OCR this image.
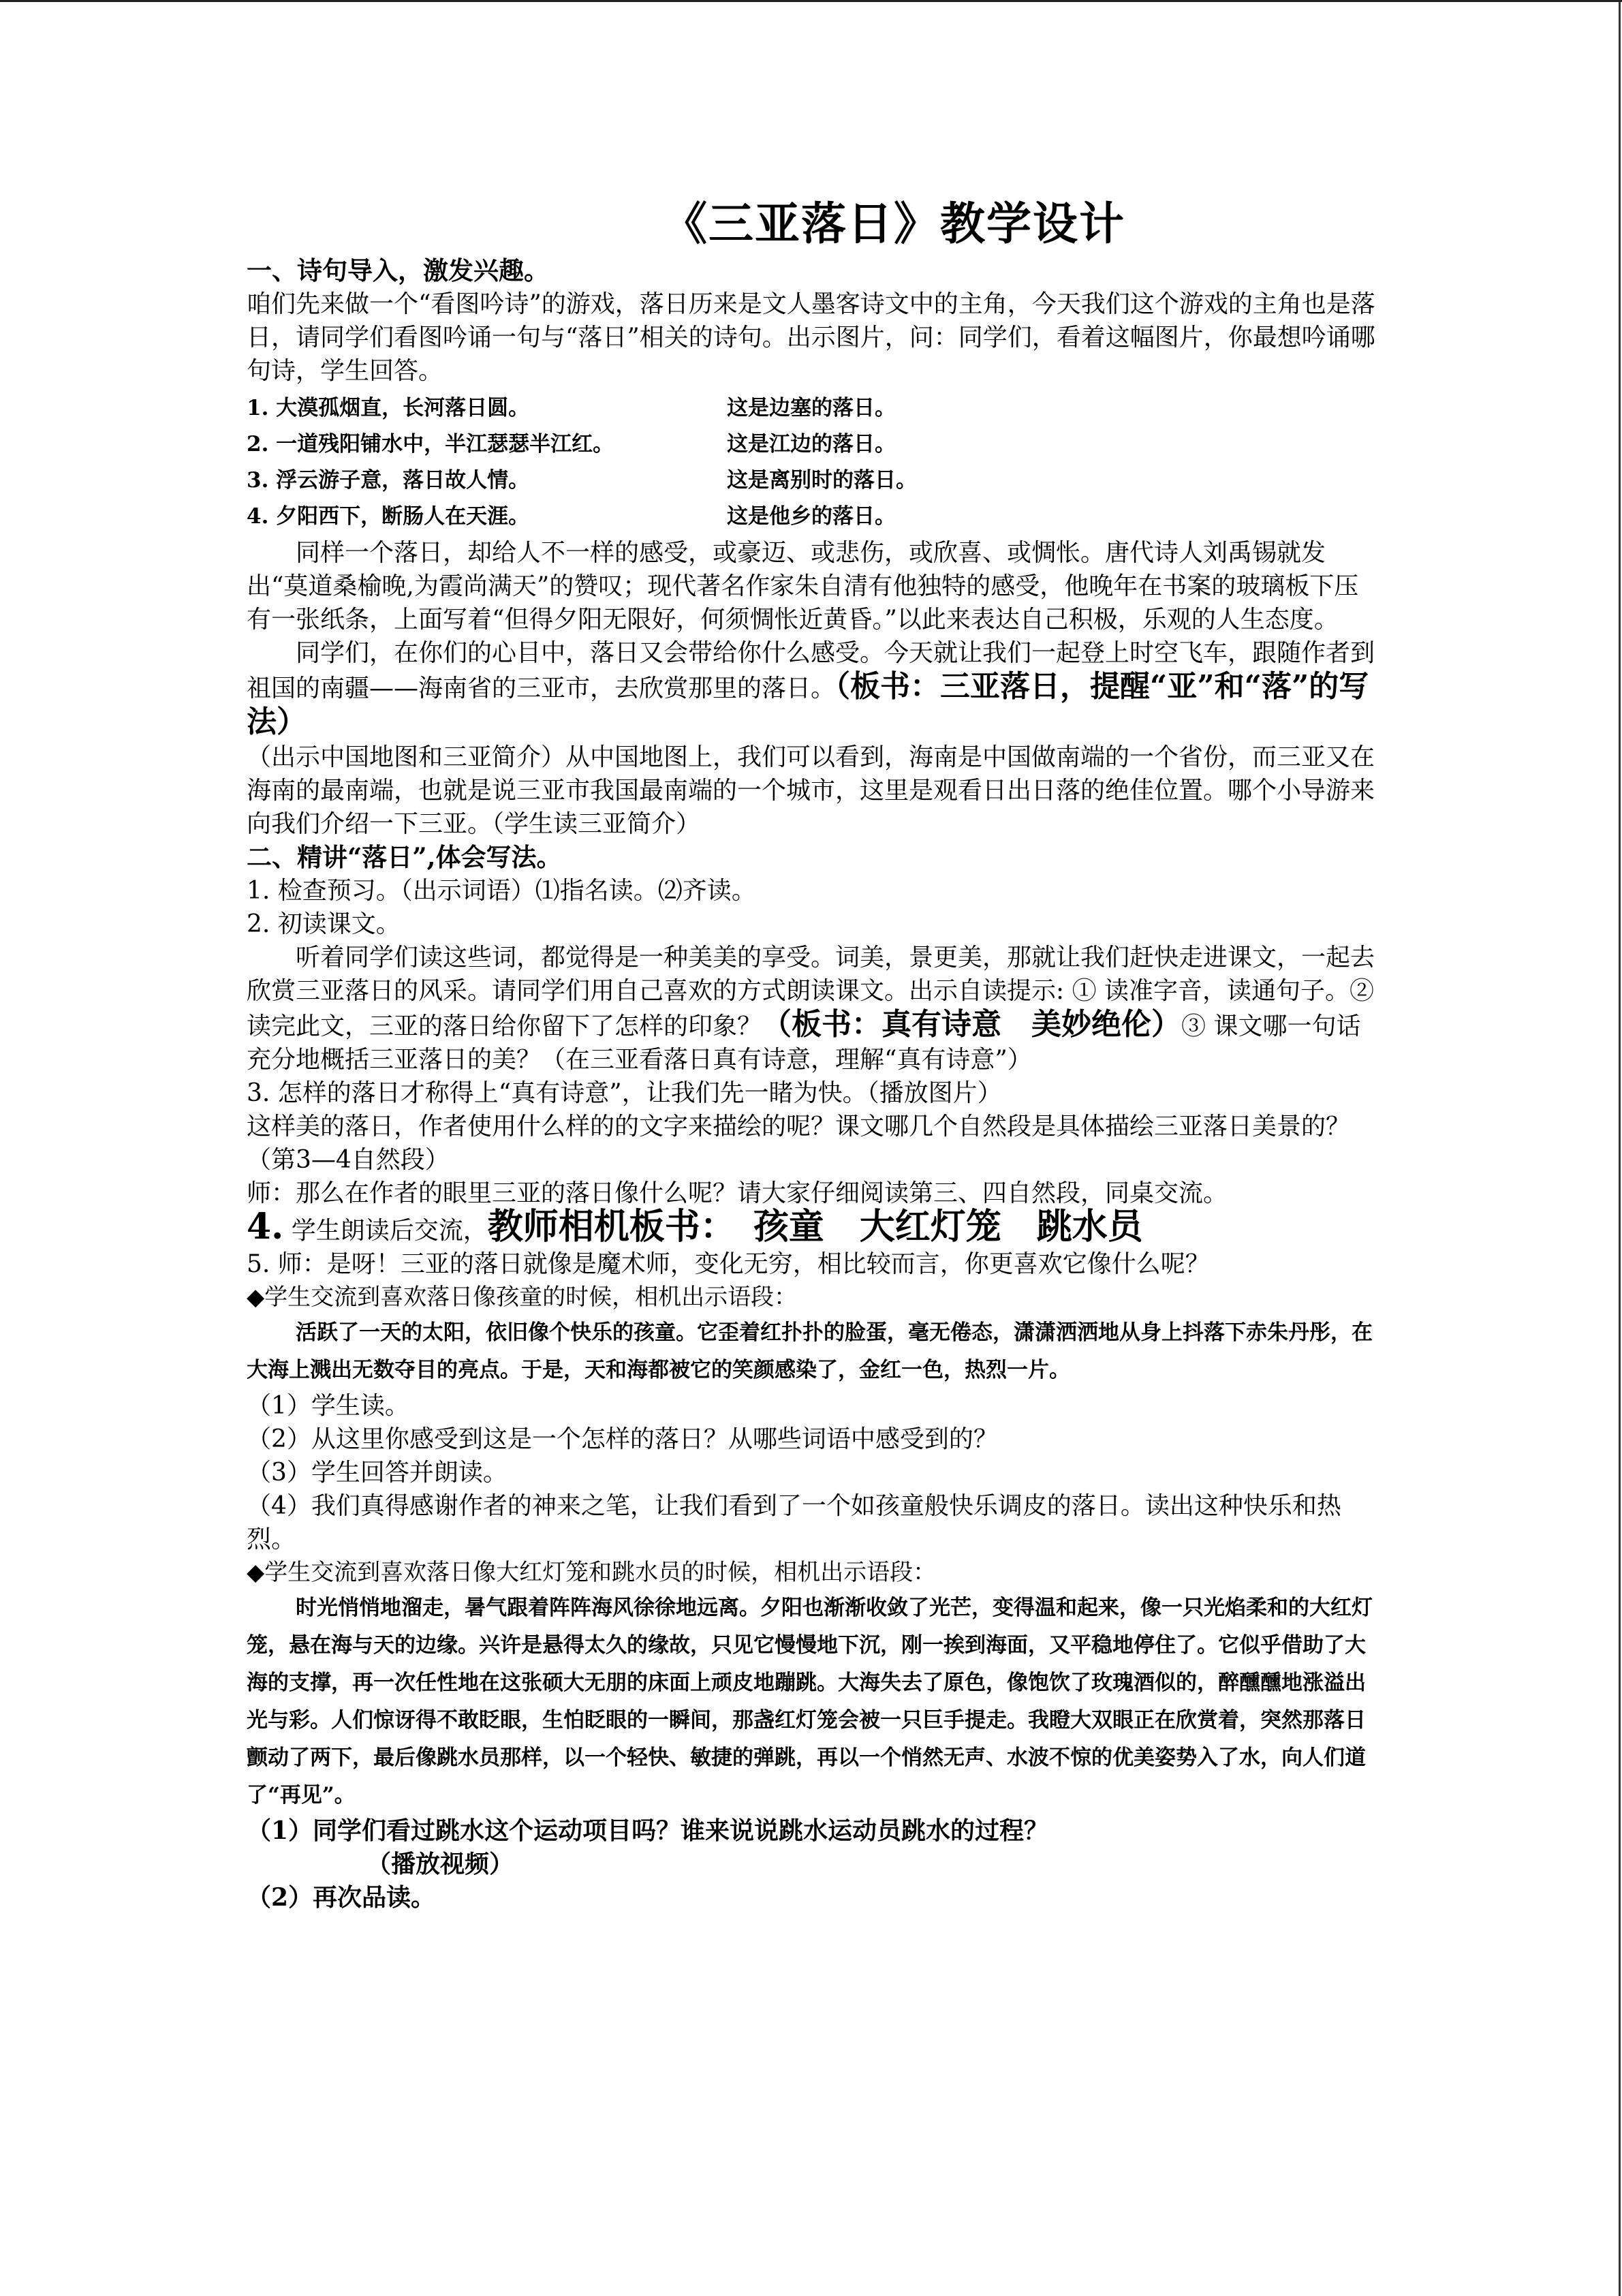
《三亚落日》教学设计
一、诗句导入，激发兴趣。

咱们先来做一个“看图吟诗”的游戏，落日历来是文人墨客诗文中的主角，今天我们这个游戏的主角也是落日，请同学们看图吟诵一句与“落日”相关的诗句。出示图片，问：同学们，看着这幅图片，你最想吟诵哪句诗，学生回答。

1. 大漠孤烟直，长河落日圆。	这是边塞的落日。
2. 一道残阳铺水中，半江瑟瑟半江红。	这是江边的落日。
3. 浮云游子意，落日故人情。	这是离别时的落日。
4. 夕阳西下，断肠人在天涯。	这是他乡的落日。

同样一个落日，却给人不一样的感受，或豪迈、或悲伤，或欣喜、或惆怅。唐代诗人刘禹锡就发出“莫道桑榆晚,为霞尚满天”的赞叹；现代著名作家朱自清有他独特的感受，他晚年在书案的玻璃板下压有一张纸条，上面写着“但得夕阳无限好，何须惆怅近黄昏。”以此来表达自己积极，乐观的人生态度。

同学们，在你们的心目中，落日又会带给你什么感受。今天就让我们一起登上时空飞车，跟随作者到祖国的南疆——海南省的三亚市，去欣赏那里的落日。（板书：三亚落日，提醒“亚”和“落”的写法）

（出示中国地图和三亚简介）从中国地图上，我们可以看到，海南是中国做南端的一个省份，而三亚又在海南的最南端，也就是说三亚市我国最南端的一个城市，这里是观看日出日落的绝佳位置。哪个小导游来向我们介绍一下三亚。（学生读三亚简介）

二、精讲“落日”,体会写法。

1. 检查预习。（出示词语）⑴指名读。⑵齐读。

2. 初读课文。

听着同学们读这些词，都觉得是一种美美的享受。词美，景更美，那就让我们赶快走进课文，一起去欣赏三亚落日的风采。请同学们用自己喜欢的方式朗读课文。出示自读提示: ① 读准字音，读通句子。② 读完此文，三亚的落日给你留下了怎样的印象？（板书：真有诗意　美妙绝伦）③ 课文哪一句话充分地概括三亚落日的美？（在三亚看落日真有诗意，理解“真有诗意”）

3. 怎样的落日才称得上“真有诗意”，让我们先一睹为快。（播放图片）

这样美的落日，作者使用什么样的的文字来描绘的呢？课文哪几个自然段是具体描绘三亚落日美景的？（第3—4自然段）

师：那么在作者的眼里三亚的落日像什么呢？请大家仔细阅读第三、四自然段，同桌交流。

4. 学生朗读后交流，教师相机板书：　孩童　大红灯笼　跳水员

5. 师：是呀！三亚的落日就像是魔术师，变化无穷，相比较而言，你更喜欢它像什么呢？

◆学生交流到喜欢落日像孩童的时候，相机出示语段：

活跃了一天的太阳，依旧像个快乐的孩童。它歪着红扑扑的脸蛋，毫无倦态，潇潇洒洒地从身上抖落下赤朱丹彤，在大海上溅出无数夺目的亮点。于是，天和海都被它的笑颜感染了，金红一色，热烈一片。

（1）学生读。

（2）从这里你感受到这是一个怎样的落日？从哪些词语中感受到的？

（3）学生回答并朗读。

（4）我们真得感谢作者的神来之笔，让我们看到了一个如孩童般快乐调皮的落日。读出这种快乐和热烈。

◆学生交流到喜欢落日像大红灯笼和跳水员的时候，相机出示语段：

时光悄悄地溜走，暑气跟着阵阵海风徐徐地远离。夕阳也渐渐收敛了光芒，变得温和起来，像一只光焰柔和的大红灯笼，悬在海与天的边缘。兴许是悬得太久的缘故，只见它慢慢地下沉，刚一挨到海面，又平稳地停住了。它似乎借助了大海的支撑，再一次任性地在这张硕大无朋的床面上顽皮地蹦跳。大海失去了原色，像饱饮了玫瑰酒似的，醉醺醺地涨溢出光与彩。人们惊讶得不敢眨眼，生怕眨眼的一瞬间，那盏红灯笼会被一只巨手提走。我瞪大双眼正在欣赏着，突然那落日颤动了两下，最后像跳水员那样，以一个轻快、敏捷的弹跳，再以一个悄然无声、水波不惊的优美姿势入了水，向人们道了“再见”。

（1）同学们看过跳水这个运动项目吗？谁来说说跳水运动员跳水的过程？

（播放视频）

（2）再次品读。
